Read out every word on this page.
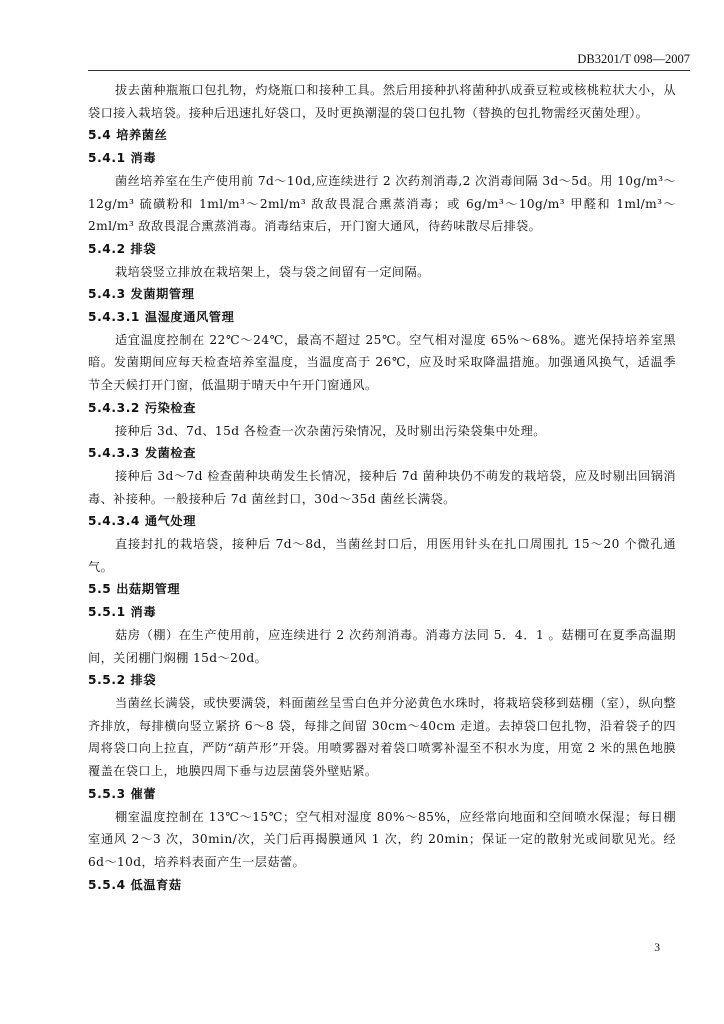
DB3201/T 098—2007

拔去菌种瓶瓶口包扎物，灼烧瓶口和接种工具。然后用接种扒将菌种扒成蚕豆粒或核桃粒状大小，从袋口接入栽培袋。接种后迅速扎好袋口，及时更换潮湿的袋口包扎物（替换的包扎物需经灭菌处理）。

5.4 培养菌丝

5.4.1 消毒

菌丝培养室在生产使用前 7d～10d,应连续进行 2 次药剂消毒,2 次消毒间隔 3d～5d。用 10g/m³～12g/m³ 硫磺粉和 1ml/m³～2ml/m³ 敌敌畏混合熏蒸消毒；或 6g/m³～10g/m³ 甲醛和 1ml/m³～2ml/m³ 敌敌畏混合熏蒸消毒。消毒结束后，开门窗大通风，待药味散尽后排袋。

5.4.2 排袋

栽培袋竖立排放在栽培架上，袋与袋之间留有一定间隔。

5.4.3 发菌期管理

5.4.3.1 温湿度通风管理

适宜温度控制在 22℃～24℃，最高不超过 25℃。空气相对湿度 65%～68%。遮光保持培养室黑暗。发菌期间应每天检查培养室温度，当温度高于 26℃，应及时采取降温措施。加强通风换气，适温季节全天候打开门窗，低温期于晴天中午开门窗通风。

5.4.3.2 污染检查

接种后 3d、7d、15d 各检查一次杂菌污染情况，及时剔出污染袋集中处理。

5.4.3.3 发菌检查

接种后 3d～7d 检查菌种块萌发生长情况，接种后 7d 菌种块仍不萌发的栽培袋，应及时剔出回锅消毒、补接种。一般接种后 7d 菌丝封口，30d～35d 菌丝长满袋。

5.4.3.4 通气处理

直接封扎的栽培袋，接种后 7d～8d，当菌丝封口后，用医用针头在扎口周围扎 15～20 个微孔通气。

5.5 出菇期管理

5.5.1 消毒

菇房（棚）在生产使用前，应连续进行 2 次药剂消毒。消毒方法同 5．4．1 。菇棚可在夏季高温期间，关闭棚门焖棚 15d～20d。

5.5.2 排袋

当菌丝长满袋，或快要满袋，料面菌丝呈雪白色并分泌黄色水珠时，将栽培袋移到菇棚（室），纵向整齐排放，每排横向竖立紧挤 6～8 袋，每排之间留 30cm～40cm 走道。去掉袋口包扎物，沿着袋子的四周将袋口向上拉直，严防“葫芦形”开袋。用喷雾器对着袋口喷雾补湿至不积水为度，用宽 2 米的黑色地膜覆盖在袋口上，地膜四周下垂与边层菌袋外壁贴紧。

5.5.3 催蕾

棚室温度控制在 13℃～15℃；空气相对湿度 80%～85%，应经常向地面和空间喷水保湿；每日棚室通风 2～3 次，30min/次，关门后再揭膜通风 1 次，约 20min；保证一定的散射光或间歇见光。经 6d～10d，培养料表面产生一层菇蕾。

5.5.4 低温育菇

3
